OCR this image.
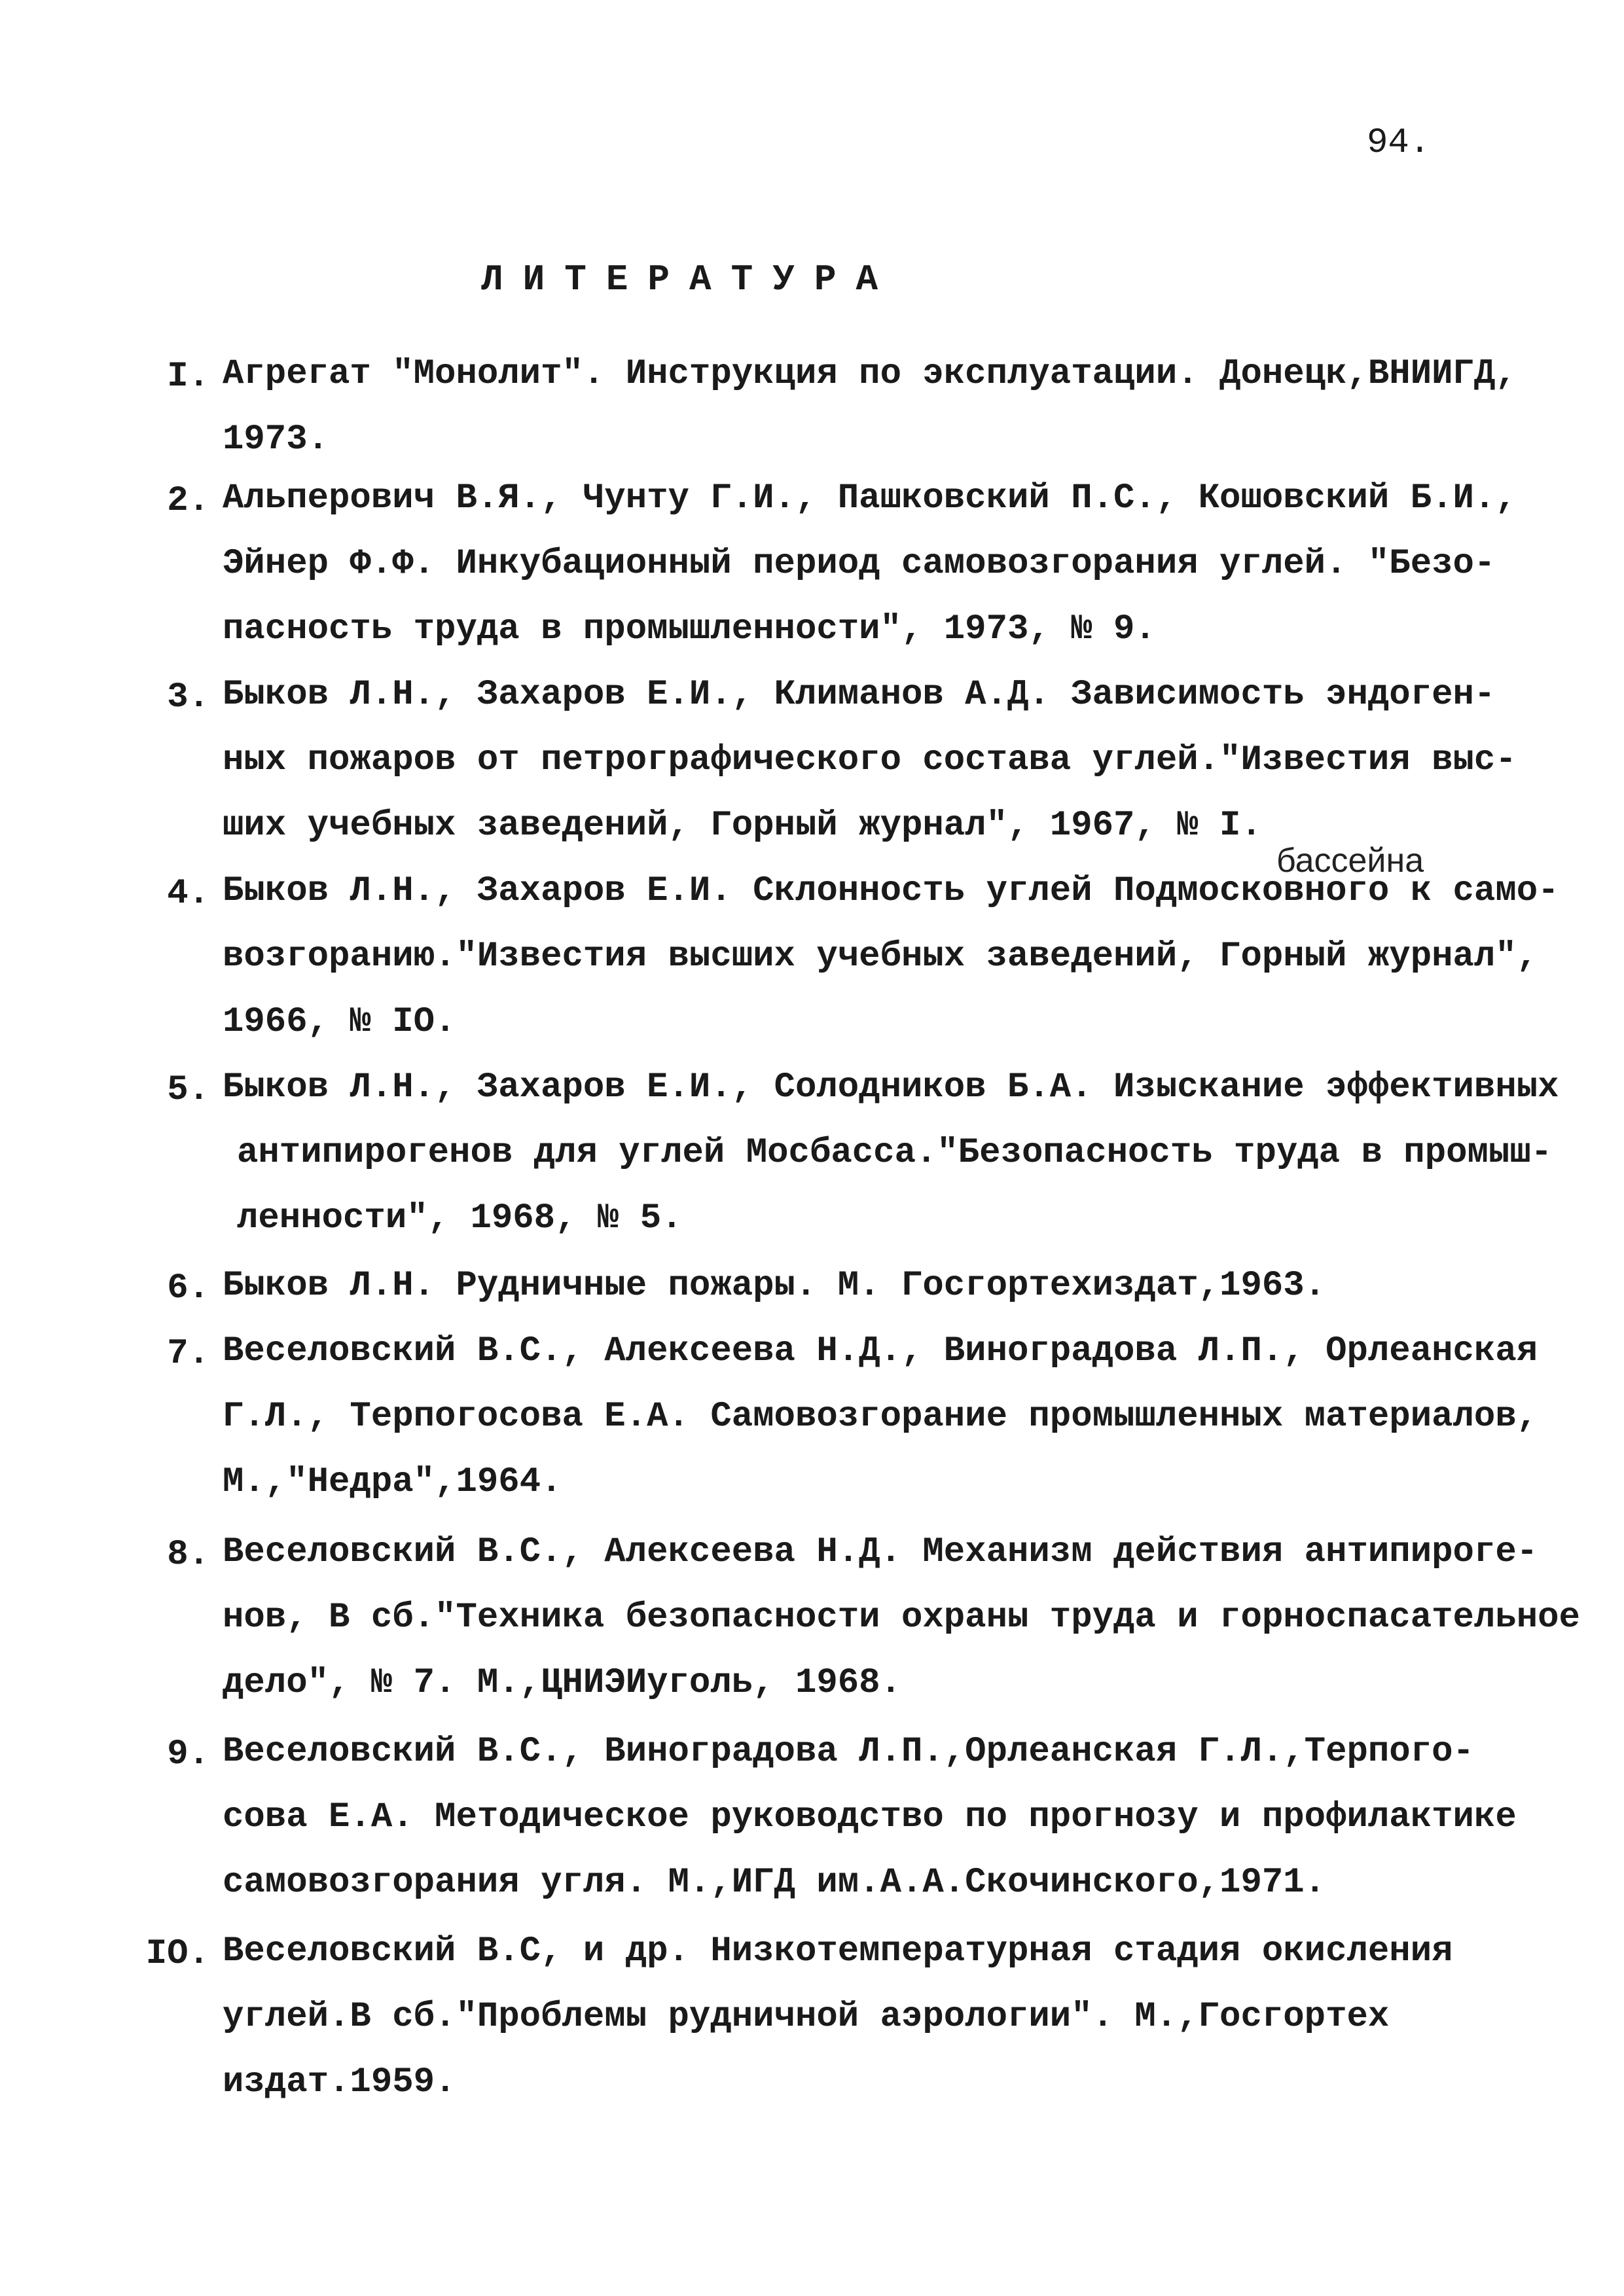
94.
ЛИТЕРАТУРА
бассейна
I. Агрегат "Монолит". Инструкция по эксплуатации. Донецк,ВНИИГД,
1973.
2. Альперович В.Я., Чунту Г.И., Пашковский П.С., Кошовский Б.И.,
Эйнер Ф.Ф. Инкубационный период самовозгорания углей. "Безо-
пасность труда в промышленности", 1973, № 9.
3. Быков Л.Н., Захаров Е.И., Климанов А.Д. Зависимость эндоген-
ных пожаров от петрографического состава углей."Известия выс-
ших учебных заведений, Горный журнал", 1967, № I.
4. Быков Л.Н., Захаров Е.И. Склонность углей Подмосковного к само-
возгоранию."Известия высших учебных заведений, Горный журнал",
1966, № IO.
5. Быков Л.Н., Захаров Е.И., Солодников Б.А. Изыскание эффективных
антипирогенов для углей Мосбасса."Безопасность труда в промыш-
ленности", 1968, № 5.
6. Быков Л.Н. Рудничные пожары. М. Госгортехиздат,1963.
7. Веселовский В.С., Алексеева Н.Д., Виноградова Л.П., Орлеанская
Г.Л., Терпогосова Е.А. Самовозгорание промышленных материалов,
М.,"Недра",1964.
8. Веселовский В.С., Алексеева Н.Д. Механизм действия антипироге-
нов, В сб."Техника безопасности охраны труда и горноспасательное
дело", № 7. М.,ЦНИЭИуголь, 1968.
9. Веселовский В.С., Виноградова Л.П.,Орлеанская Г.Л.,Терпого-
сова Е.А. Методическое руководство по прогнозу и профилактике
самовозгорания угля. М.,ИГД им.А.А.Скочинского,1971.
IO. Веселовский В.С, и др. Низкотемпературная стадия окисления
углей.В сб."Проблемы рудничной аэрологии". М.,Госгортех
издат.1959.
